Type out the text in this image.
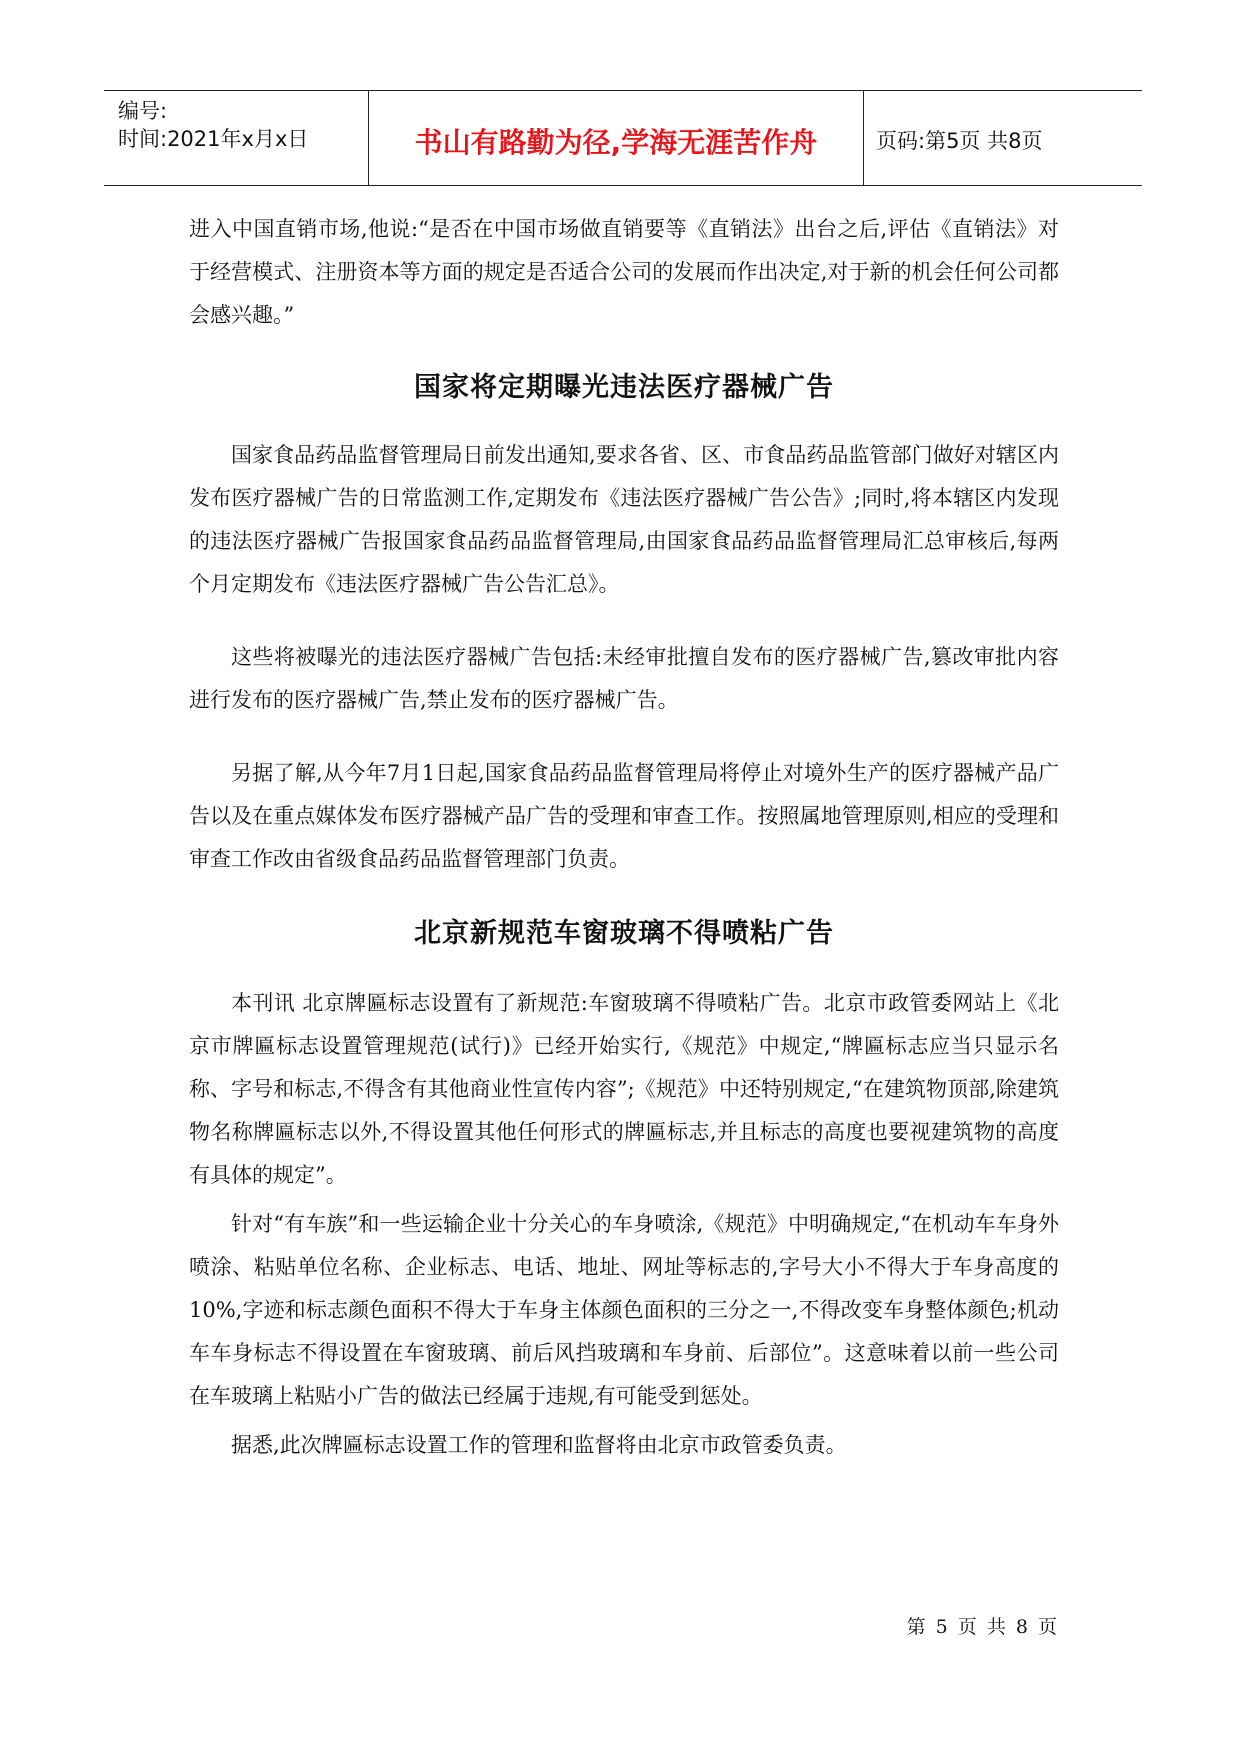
编号:
时间:2021年x月x日	书山有路勤为径,学海无涯苦作舟	页码:第5页 共8页

进入中国直销市场,他说:“是否在中国市场做直销要等《直销法》出台之后,评估《直销法》对于经营模式、注册资本等方面的规定是否适合公司的发展而作出决定,对于新的机会任何公司都会感兴趣。”

国家将定期曝光违法医疗器械广告

国家食品药品监督管理局日前发出通知,要求各省、区、市食品药品监管部门做好对辖区内发布医疗器械广告的日常监测工作,定期发布《违法医疗器械广告公告》;同时,将本辖区内发现的违法医疗器械广告报国家食品药品监督管理局,由国家食品药品监督管理局汇总审核后,每两个月定期发布《违法医疗器械广告公告汇总》。

这些将被曝光的违法医疗器械广告包括:未经审批擅自发布的医疗器械广告,篡改审批内容进行发布的医疗器械广告,禁止发布的医疗器械广告。

另据了解,从今年7月1日起,国家食品药品监督管理局将停止对境外生产的医疗器械产品广告以及在重点媒体发布医疗器械产品广告的受理和审查工作。按照属地管理原则,相应的受理和审查工作改由省级食品药品监督管理部门负责。

北京新规范车窗玻璃不得喷粘广告

本刊讯 北京牌匾标志设置有了新规范:车窗玻璃不得喷粘广告。北京市政管委网站上《北京市牌匾标志设置管理规范(试行)》已经开始实行,《规范》中规定,“牌匾标志应当只显示名称、字号和标志,不得含有其他商业性宣传内容”;《规范》中还特别规定,“在建筑物顶部,除建筑物名称牌匾标志以外,不得设置其他任何形式的牌匾标志,并且标志的高度也要视建筑物的高度有具体的规定”。

针对“有车族”和一些运输企业十分关心的车身喷涂,《规范》中明确规定,“在机动车车身外喷涂、粘贴单位名称、企业标志、电话、地址、网址等标志的,字号大小不得大于车身高度的10%,字迹和标志颜色面积不得大于车身主体颜色面积的三分之一,不得改变车身整体颜色;机动车车身标志不得设置在车窗玻璃、前后风挡玻璃和车身前、后部位”。这意味着以前一些公司在车玻璃上粘贴小广告的做法已经属于违规,有可能受到惩处。

据悉,此次牌匾标志设置工作的管理和监督将由北京市政管委负责。

第 5 页 共 8 页
